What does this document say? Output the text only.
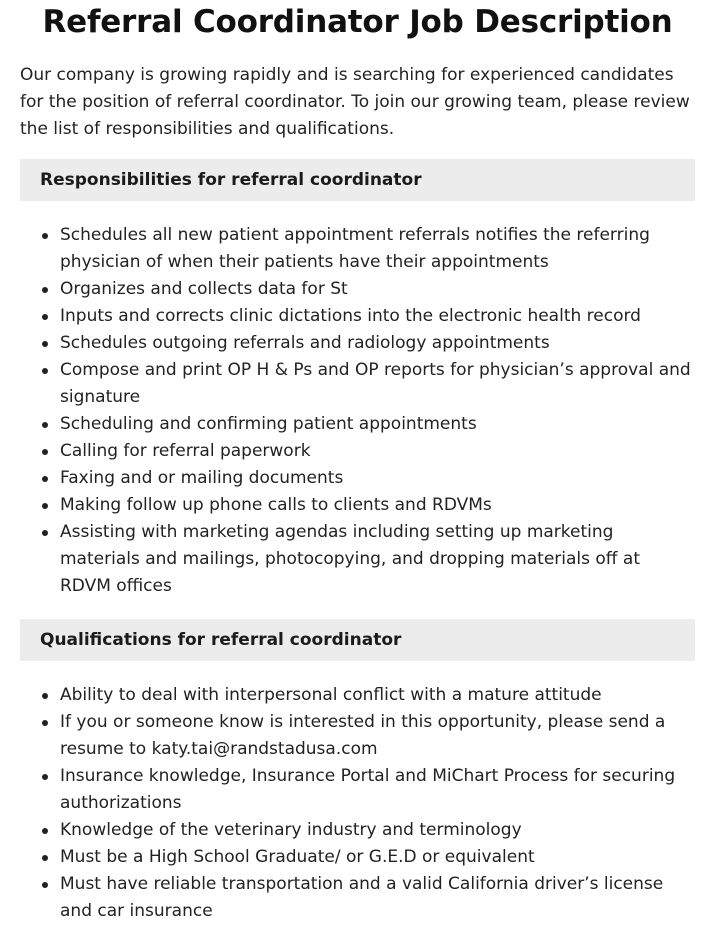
Referral Coordinator Job Description

Our company is growing rapidly and is searching for experienced candidates for the position of referral coordinator. To join our growing team, please review the list of responsibilities and qualifications.

Responsibilities for referral coordinator
Schedules all new patient appointment referrals notifies the referring physician of when their patients have their appointments
Organizes and collects data for St
Inputs and corrects clinic dictations into the electronic health record
Schedules outgoing referrals and radiology appointments
Compose and print OP H & Ps and OP reports for physician’s approval and signature
Scheduling and confirming patient appointments
Calling for referral paperwork
Faxing and or mailing documents
Making follow up phone calls to clients and RDVMs
Assisting with marketing agendas including setting up marketing materials and mailings, photocopying, and dropping materials off at RDVM offices
Qualifications for referral coordinator
Ability to deal with interpersonal conflict with a mature attitude
If you or someone know is interested in this opportunity, please send a resume to katy.tai@randstadusa.com
Insurance knowledge, Insurance Portal and MiChart Process for securing authorizations
Knowledge of the veterinary industry and terminology
Must be a High School Graduate/ or G.E.D or equivalent
Must have reliable transportation and a valid California driver’s license and car insurance
